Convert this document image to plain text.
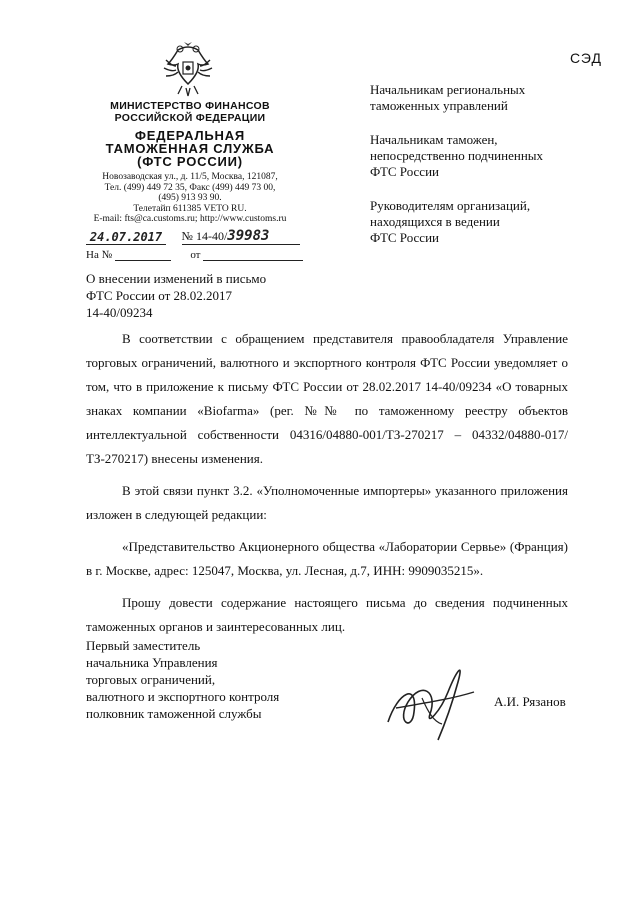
СЭД
МИНИСТЕРСТВО ФИНАНСОВ
РОССИЙСКОЙ ФЕДЕРАЦИИ
ФЕДЕРАЛЬНАЯ
ТАМОЖЕННАЯ СЛУЖБА
(ФТС РОССИИ)
Новозаводская ул., д. 11/5, Москва, 121087,
Тел. (499) 449 72 35, Факс (499) 449 73 00,
(495) 913 93 90.
Телетайп 611385 VETO RU.
E-mail: fts@ca.customs.ru; http://www.customs.ru
24.07.2017 № 14-40/39983
На №	от
Начальникам региональных
таможенных управлений
Начальникам таможен,
непосредственно подчиненных
ФТС России
Руководителям организаций,
находящихся в ведении
ФТС России
О внесении изменений в письмо
ФТС России от 28.02.2017
14-40/09234

В соответствии с обращением представителя правообладателя Управление торговых ограничений, валютного и экспортного контроля ФТС России уведомляет о том, что в приложение к письму ФТС России от 28.02.2017 14-40/09234 «О товарных знаках компании «Biofarma» (рег. №№ по таможенному реестру объектов интеллектуальной собственности 04316/04880-001/ТЗ-270217 – 04332/04880-017/ТЗ-270217) внесены изменения.

В этой связи пункт 3.2. «Уполномоченные импортеры» указанного приложения изложен в следующей редакции:

«Представительство Акционерного общества «Лаборатории Сервье» (Франция) в г. Москве, адрес: 125047, Москва, ул. Лесная, д.7, ИНН: 9909035215».

Прошу довести содержание настоящего письма до сведения подчиненных таможенных органов и заинтересованных лиц.

Первый заместитель
начальника Управления
торговых ограничений,
валютного и экспортного контроля
полковник таможенной службы
А.И. Рязанов
